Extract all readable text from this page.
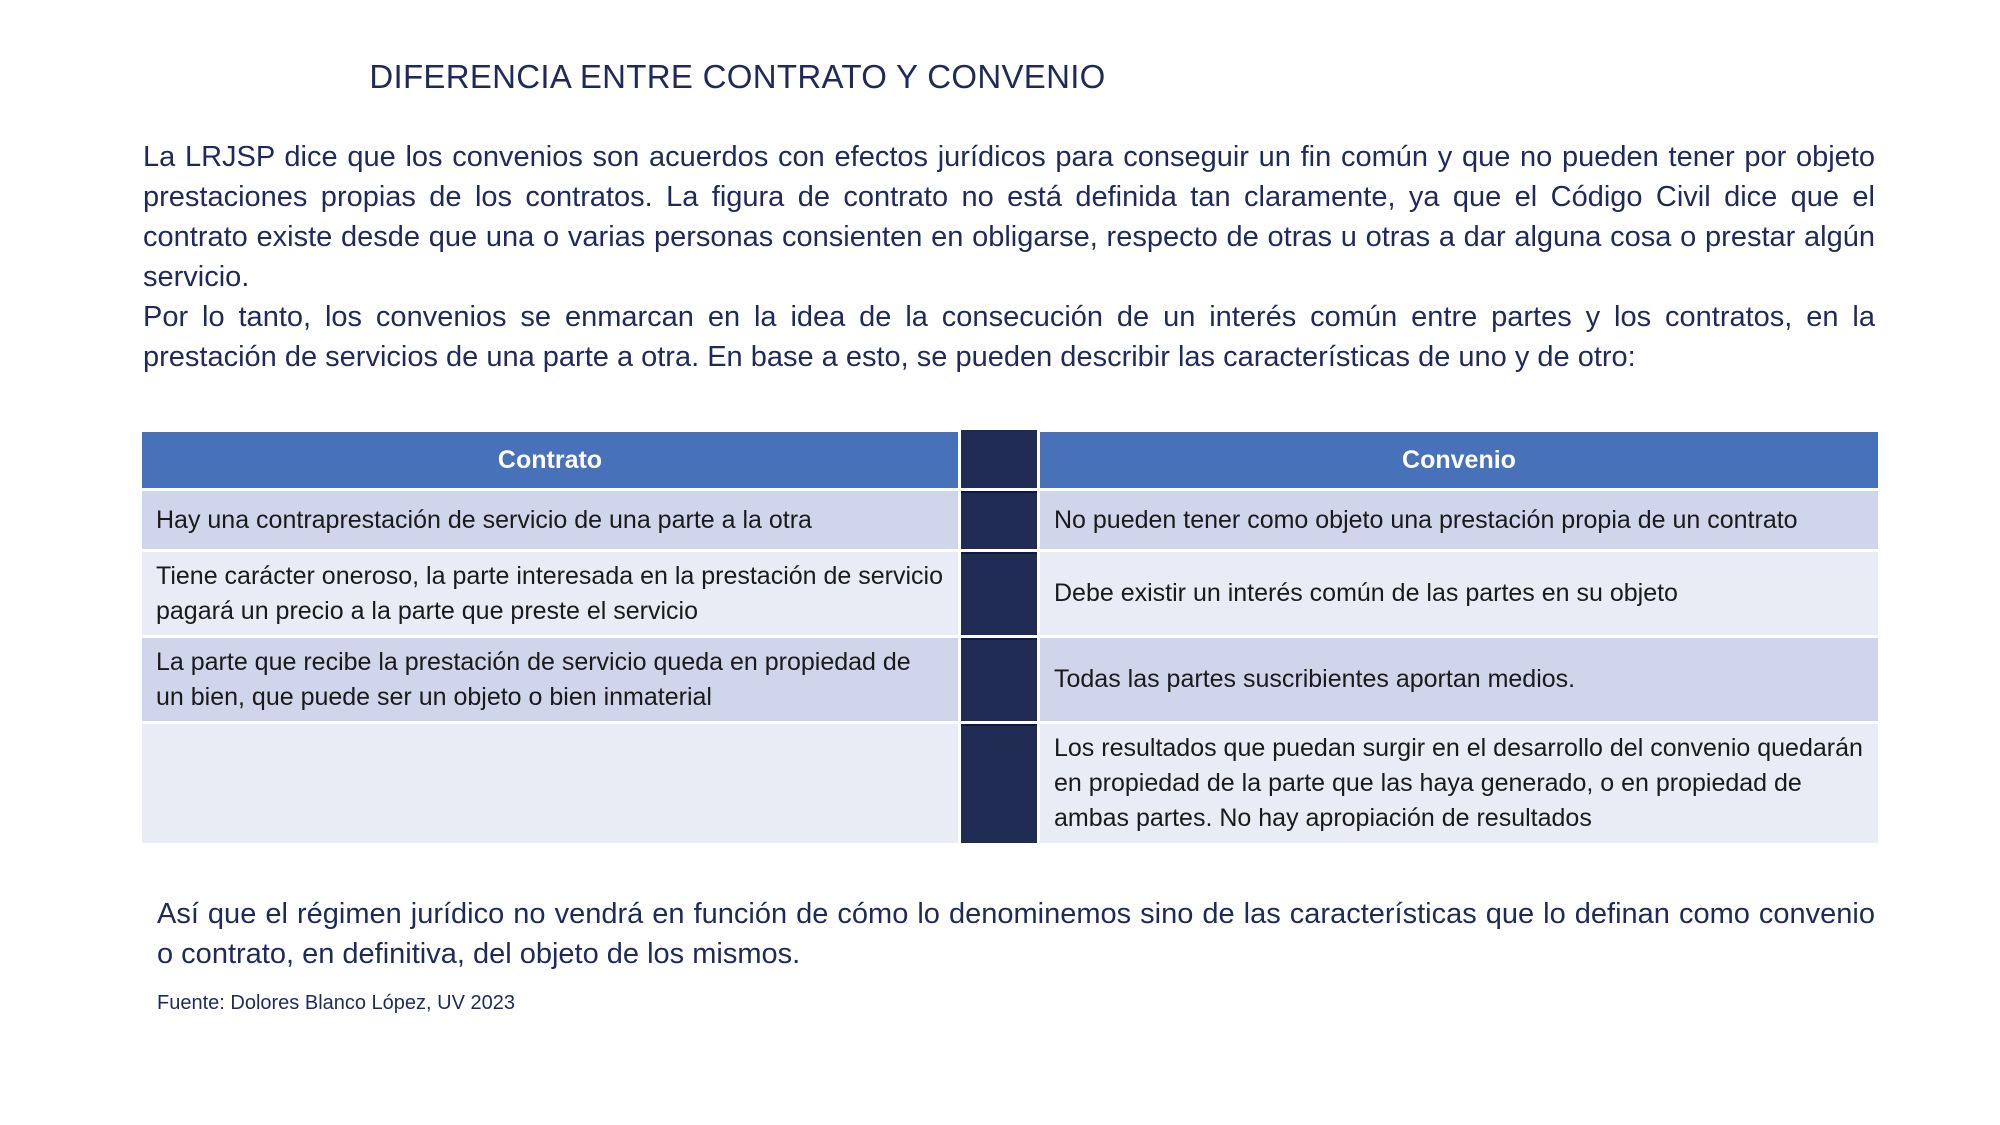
DIFERENCIA ENTRE CONTRATO Y CONVENIO

La LRJSP dice que los convenios son acuerdos con efectos jurídicos para conseguir un fin común y que no pueden tener por objeto prestaciones propias de los contratos. La figura de contrato no está definida tan claramente, ya que el Código Civil dice que el contrato existe desde que una o varias personas consienten en obligarse, respecto de otras u otras a dar alguna cosa o prestar algún servicio.

Por lo tanto, los convenios se enmarcan en la idea de la consecución de un interés común entre partes y los contratos, en la prestación de servicios de una parte a otra. En base a esto, se pueden describir las características de uno y de otro:

Contrato	Convenio
Hay una contraprestación de servicio de una parte a la otra	No pueden tener como objeto una prestación propia de un contrato
Tiene carácter oneroso, la parte interesada en la prestación de servicio pagará un precio a la parte que preste el servicio
Debe existir un interés común de las partes en su objeto
La parte que recibe la prestación de servicio queda en propiedad de un bien, que puede ser un objeto o bien inmaterial
Todas las partes suscribientes aportan medios.
Los resultados que puedan surgir en el desarrollo del convenio quedarán en propiedad de la parte que las haya generado, o en propiedad de ambas partes. No hay apropiación de resultados
Así que el régimen jurídico no vendrá en función de cómo lo denominemos sino de las características que lo definan como convenio o contrato, en definitiva, del objeto de los mismos.
Fuente: Dolores Blanco López, UV 2023
